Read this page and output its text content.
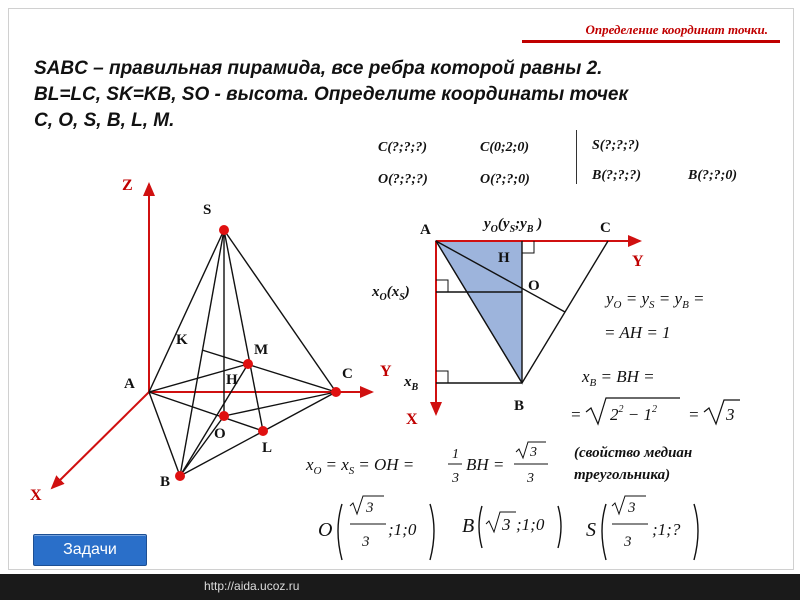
Определение координат точки.
SABC – правильная пирамида, все ребра которой равны 2.
BL=LC, SK=KB, SO - высота. Определите координаты точек
C, O, S, B, L, M.
C(?;?;?)	C(0;2;0)
O(?;?;?)	O(?;?;0)
S(?;?;?)
B(?;?;?)	B(?;?;0)
Z
Y
X
S
A
B
C
K
M
H
O
L
A	C
B
H
O
Y
X
$y_O(y_S;y_B$ )
$x_O(x_S)$
$x_B$
$y_O = y_S = y_B$ =
= AH = 1
$x_B$ = BH =
= $2^2 - 1^2 = 3$
$x_O = x_S$ = OH =
1
3
BH =
3
3
O
3
3
;1;0 B 3 ;1;0 S
3
3
;1;?
(свойство медиан
треугольника)
Задачи
http://aida.ucoz.ru
